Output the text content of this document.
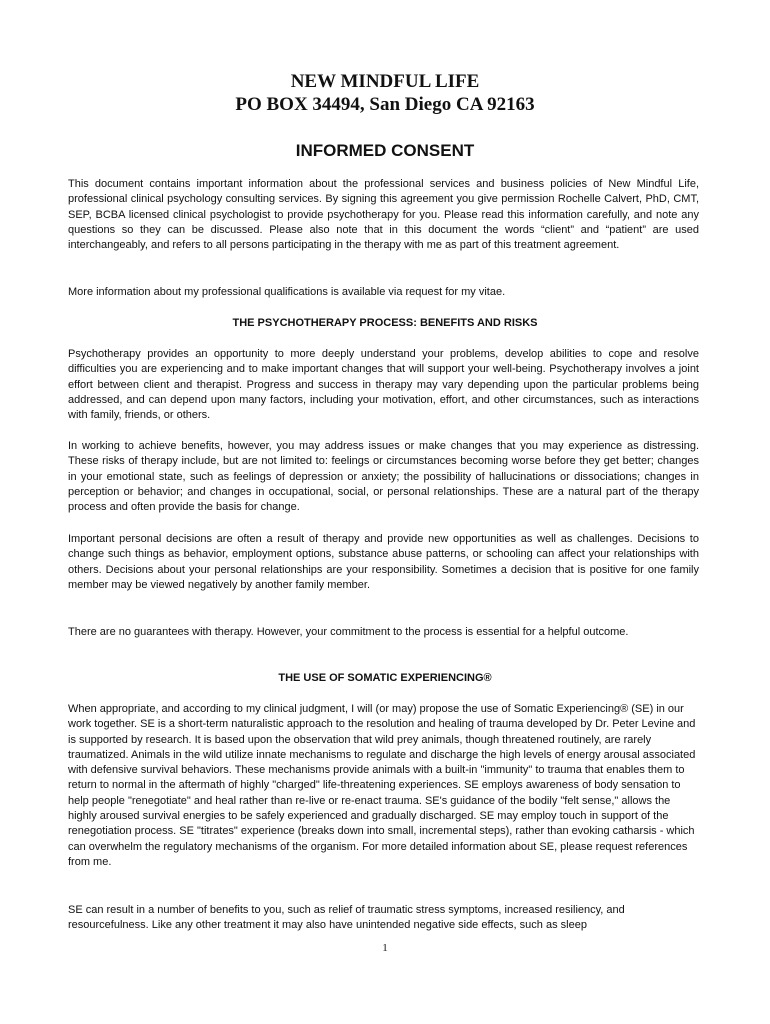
NEW MINDFUL LIFE
PO BOX 34494, San Diego CA 92163
INFORMED CONSENT

This document contains important information about the professional services and business policies of New Mindful Life, professional clinical psychology consulting services. By signing this agreement you give permission Rochelle Calvert, PhD, CMT, SEP, BCBA licensed clinical psychologist to provide psychotherapy for you. Please read this information carefully, and note any questions so they can be discussed. Please also note that in this document the words “client” and “patient” are used interchangeably, and refers to all persons participating in the therapy with me as part of this treatment agreement.

More information about my professional qualifications is available via request for my vitae.

THE PSYCHOTHERAPY PROCESS: BENEFITS AND RISKS

Psychotherapy provides an opportunity to more deeply understand your problems, develop abilities to cope and resolve difficulties you are experiencing and to make important changes that will support your well-being. Psychotherapy involves a joint effort between client and therapist. Progress and success in therapy may vary depending upon the particular problems being addressed, and can depend upon many factors, including your motivation, effort, and other circumstances, such as interactions with family, friends, or others.

In working to achieve benefits, however, you may address issues or make changes that you may experience as distressing. These risks of therapy include, but are not limited to: feelings or circumstances becoming worse before they get better; changes in your emotional state, such as feelings of depression or anxiety; the possibility of hallucinations or dissociations; changes in perception or behavior; and changes in occupational, social, or personal relationships. These are a natural part of the therapy process and often provide the basis for change.

Important personal decisions are often a result of therapy and provide new opportunities as well as challenges. Decisions to change such things as behavior, employment options, substance abuse patterns, or schooling can affect your relationships with others. Decisions about your personal relationships are your responsibility. Sometimes a decision that is positive for one family member may be viewed negatively by another family member.

There are no guarantees with therapy. However, your commitment to the process is essential for a helpful outcome.

THE USE OF SOMATIC EXPERIENCING®

When appropriate, and according to my clinical judgment, I will (or may) propose the use of Somatic Experiencing® (SE) in our work together. SE is a short-term naturalistic approach to the resolution and healing of trauma developed by Dr. Peter Levine and is supported by research. It is based upon the observation that wild prey animals, though threatened routinely, are rarely traumatized. Animals in the wild utilize innate mechanisms to regulate and discharge the high levels of energy arousal associated with defensive survival behaviors. These mechanisms provide animals with a built-in "immunity" to trauma that enables them to return to normal in the aftermath of highly "charged" life-threatening experiences. SE employs awareness of body sensation to help people "renegotiate" and heal rather than re-live or re-enact trauma. SE's guidance of the bodily "felt sense," allows the highly aroused survival energies to be safely experienced and gradually discharged. SE may employ touch in support of the renegotiation process. SE "titrates" experience (breaks down into small, incremental steps), rather than evoking catharsis - which can overwhelm the regulatory mechanisms of the organism. For more detailed information about SE, please request references from me.

SE can result in a number of benefits to you, such as relief of traumatic stress symptoms, increased resiliency, and resourcefulness. Like any other treatment it may also have unintended negative side effects, such as sleep

1
